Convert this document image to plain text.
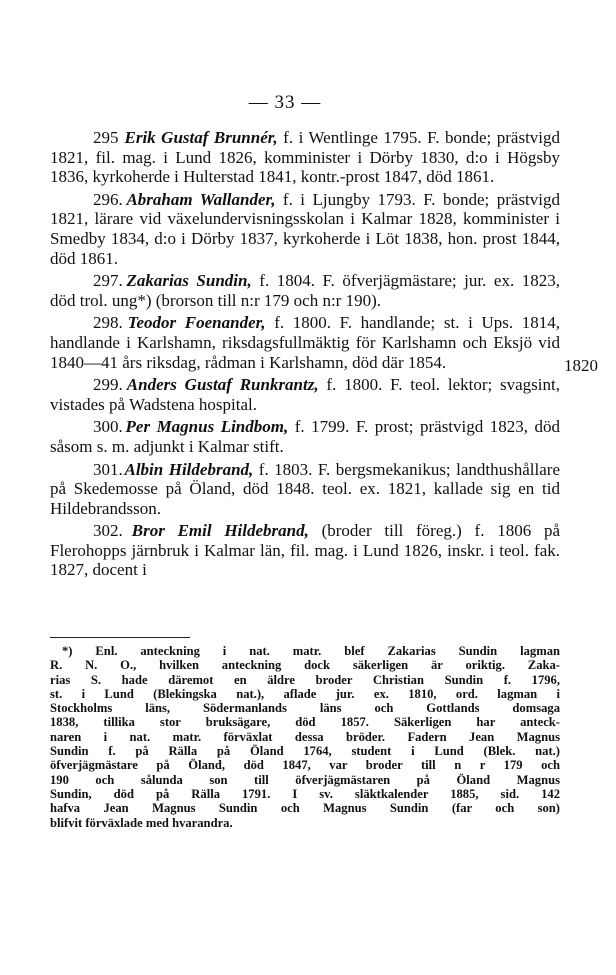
— 33 —

295 Erik Gustaf Brunnér, f. i Wentlinge 1795. F. bonde; prästvigd 1821, fil. mag. i Lund 1826, komminister i Dörby 1830, d:o i Högsby 1836, kyrkoherde i Hulterstad 1841, kontr.-prost 1847, död 1861.

296. Abraham Wallander, f. i Ljungby 1793. F. bonde; prästvigd 1821, lärare vid växelundervisningsskolan i Kalmar 1828, komminister i Smedby 1834, d:o i Dörby 1837, kyrkoherde i Löt 1838, hon. prost 1844, död 1861.

297. Zakarias Sundin, f. 1804. F. öfverjägmästare; jur. ex. 1823, död trol. ung*) (brorson till n:r 179 och n:r 190).

298. Teodor Foenander, f. 1800. F. handlande; st. i Ups. 1814, handlande i Karlshamn, riksdagsfullmäktig för Karlshamn och Eksjö vid 1840—41 års riksdag, rådman i Karlshamn, död där 1854.

299. Anders Gustaf Runkrantz, f. 1800. F. teol. lektor; svagsint, vistades på Wadstena hospital.

300. Per Magnus Lindbom, f. 1799. F. prost; prästvigd 1823, död såsom s. m. adjunkt i Kalmar stift.

301. Albin Hildebrand, f. 1803. F. bergsmekanikus; landthushållare på Skedemosse på Öland, död 1848. teol. ex. 1821, kallade sig en tid Hildebrandsson.

302. Bror Emil Hildebrand, (broder till föreg.) f. 1806 på Flerohopps järnbruk i Kalmar län, fil. mag. i Lund 1826, inskr. i teol. fak. 1827, docent i

1820
*) Enl. anteckning i nat. matr. blef Zakarias Sundin lagman
R. N. O., hvilken anteckning dock säkerligen är oriktig. Zaka-
rias S. hade däremot en äldre broder Christian Sundin f. 1796,
st. i Lund (Blekingska nat.), aflade jur. ex. 1810, ord. lagman i
Stockholms läns, Södermanlands läns och Gottlands domsaga
1838, tillika stor bruksägare, död 1857. Säkerligen har anteck-
naren i nat. matr. förväxlat dessa bröder. Fadern Jean Magnus
Sundin f. på Rälla på Öland 1764, student i Lund (Blek. nat.)
öfverjägmästare på Öland, död 1847, var broder till n r 179 och
190 och sålunda son till öfverjägmästaren på Öland Magnus
Sundin, död på Rälla 1791. I sv. släktkalender 1885, sid. 142
hafva Jean Magnus Sundin och Magnus Sundin (far och son)
blifvit förväxlade med hvarandra.
